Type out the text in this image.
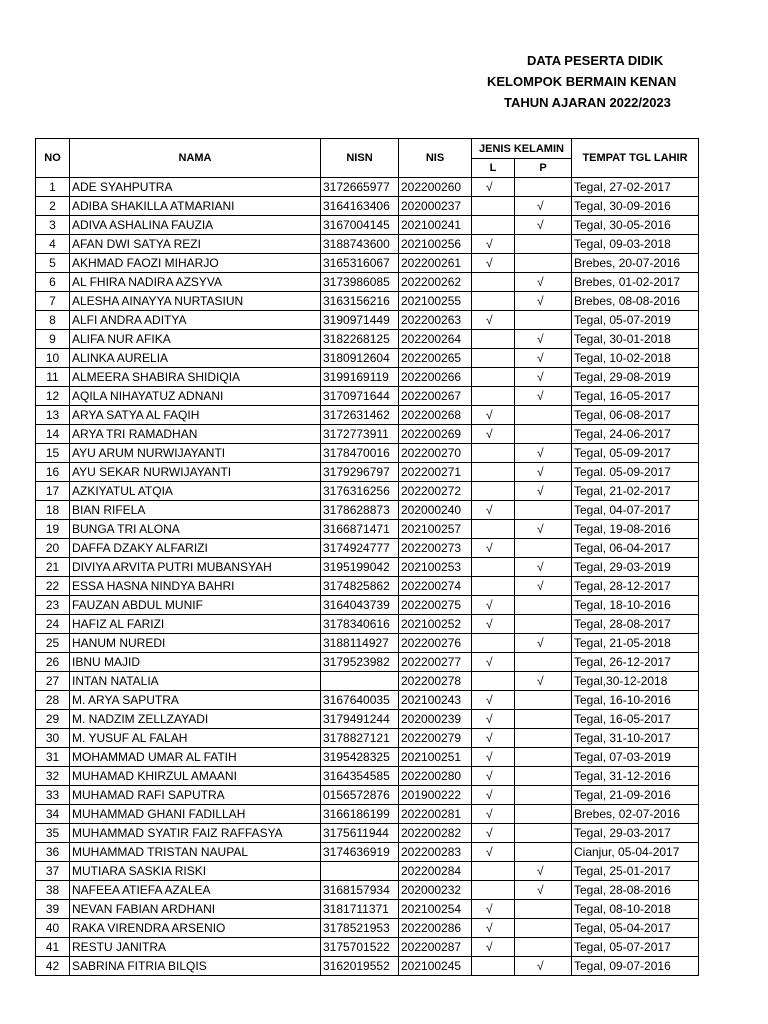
DATA PESERTA DIDIK
KELOMPOK BERMAIN KENAN
TAHUN AJARAN 2022/2023
NO	NAMA	NISN	NIS	JENIS KELAMIN		TEMPAT TGL LAHIR
				L	P	
1	ADE SYAHPUTRA	3172665977	202200260	√		Tegal, 27-02-2017
2	ADIBA SHAKILLA ATMARIANI	3164163406	202000237		√	Tegal, 30-09-2016
3	ADIVA ASHALINA FAUZIA	3167004145	202100241		√	Tegal, 30-05-2016
4	AFAN DWI SATYA REZI	3188743600	202100256	√		Tegal, 09-03-2018
5	AKHMAD FAOZI MIHARJO	3165316067	202200261	√		Brebes, 20-07-2016
6	AL FHIRA NADIRA AZSYVA	3173986085	202200262		√	Brebes, 01-02-2017
7	ALESHA AINAYYA NURTASIUN	3163156216	202100255		√	Brebes, 08-08-2016
8	ALFI ANDRA ADITYA	3190971449	202200263	√		Tegal, 05-07-2019
9	ALIFA NUR AFIKA	3182268125	202200264		√	Tegal, 30-01-2018
10	ALINKA AURELIA	3180912604	202200265		√	Tegal, 10-02-2018
11	ALMEERA SHABIRA SHIDIQIA	3199169119	202200266		√	Tegal, 29-08-2019
12	AQILA NIHAYATUZ ADNANI	3170971644	202200267		√	Tegal, 16-05-2017
13	ARYA SATYA AL FAQIH	3172631462	202200268	√		Tegal, 06-08-2017
14	ARYA TRI RAMADHAN	3172773911	202200269	√		Tegal, 24-06-2017
15	AYU ARUM NURWIJAYANTI	3178470016	202200270		√	Tegal, 05-09-2017
16	AYU SEKAR NURWIJAYANTI	3179296797	202200271		√	Tegal. 05-09-2017
17	AZKIYATUL ATQIA	3176316256	202200272		√	Tegal, 21-02-2017
18	BIAN RIFELA	3178628873	202000240	√		Tegal, 04-07-2017
19	BUNGA TRI ALONA	3166871471	202100257		√	Tegal, 19-08-2016
20	DAFFA DZAKY ALFARIZI	3174924777	202200273	√		Tegal, 06-04-2017
21	DIVIYA ARVITA PUTRI MUBANSYAH	3195199042	202100253		√	Tegal, 29-03-2019
22	ESSA HASNA NINDYA BAHRI	3174825862	202200274		√	Tegal, 28-12-2017
23	FAUZAN ABDUL MUNIF	3164043739	202200275	√		Tegal, 18-10-2016
24	HAFIZ AL FARIZI	3178340616	202100252	√		Tegal, 28-08-2017
25	HANUM NUREDI	3188114927	202200276		√	Tegal, 21-05-2018
26	IBNU MAJID	3179523982	202200277	√		Tegal, 26-12-2017
27	INTAN NATALIA		202200278		√	Tegal,30-12-2018
28	M. ARYA SAPUTRA	3167640035	202100243	√		Tegal, 16-10-2016
29	M. NADZIM ZELLZAYADI	3179491244	202000239	√		Tegal, 16-05-2017
30	M. YUSUF AL FALAH	3178827121	202200279	√		Tegal, 31-10-2017
31	MOHAMMAD UMAR AL FATIH	3195428325	202100251	√		Tegal, 07-03-2019
32	MUHAMAD KHIRZUL AMAANI	3164354585	202200280	√		Tegal, 31-12-2016
33	MUHAMAD RAFI SAPUTRA	0156572876	201900222	√		Tegal, 21-09-2016
34	MUHAMMAD GHANI FADILLAH	3166186199	202200281	√		Brebes, 02-07-2016
35	MUHAMMAD SYATIR FAIZ RAFFASYA	3175611944	202200282	√		Tegal, 29-03-2017
36	MUHAMMAD TRISTAN NAUPAL	3174636919	202200283	√		Cianjur, 05-04-2017
37	MUTIARA SASKIA RISKI		202200284		√	Tegal, 25-01-2017
38	NAFEEA ATIEFA AZALEA	3168157934	202000232		√	Tegal, 28-08-2016
39	NEVAN FABIAN ARDHANI	3181711371	202100254	√		Tegal, 08-10-2018
40	RAKA VIRENDRA ARSENIO	3178521953	202200286	√		Tegal, 05-04-2017
41	RESTU JANITRA	3175701522	202200287	√		Tegal, 05-07-2017
42	SABRINA FITRIA BILQIS	3162019552	202100245		√	Tegal, 09-07-2016
